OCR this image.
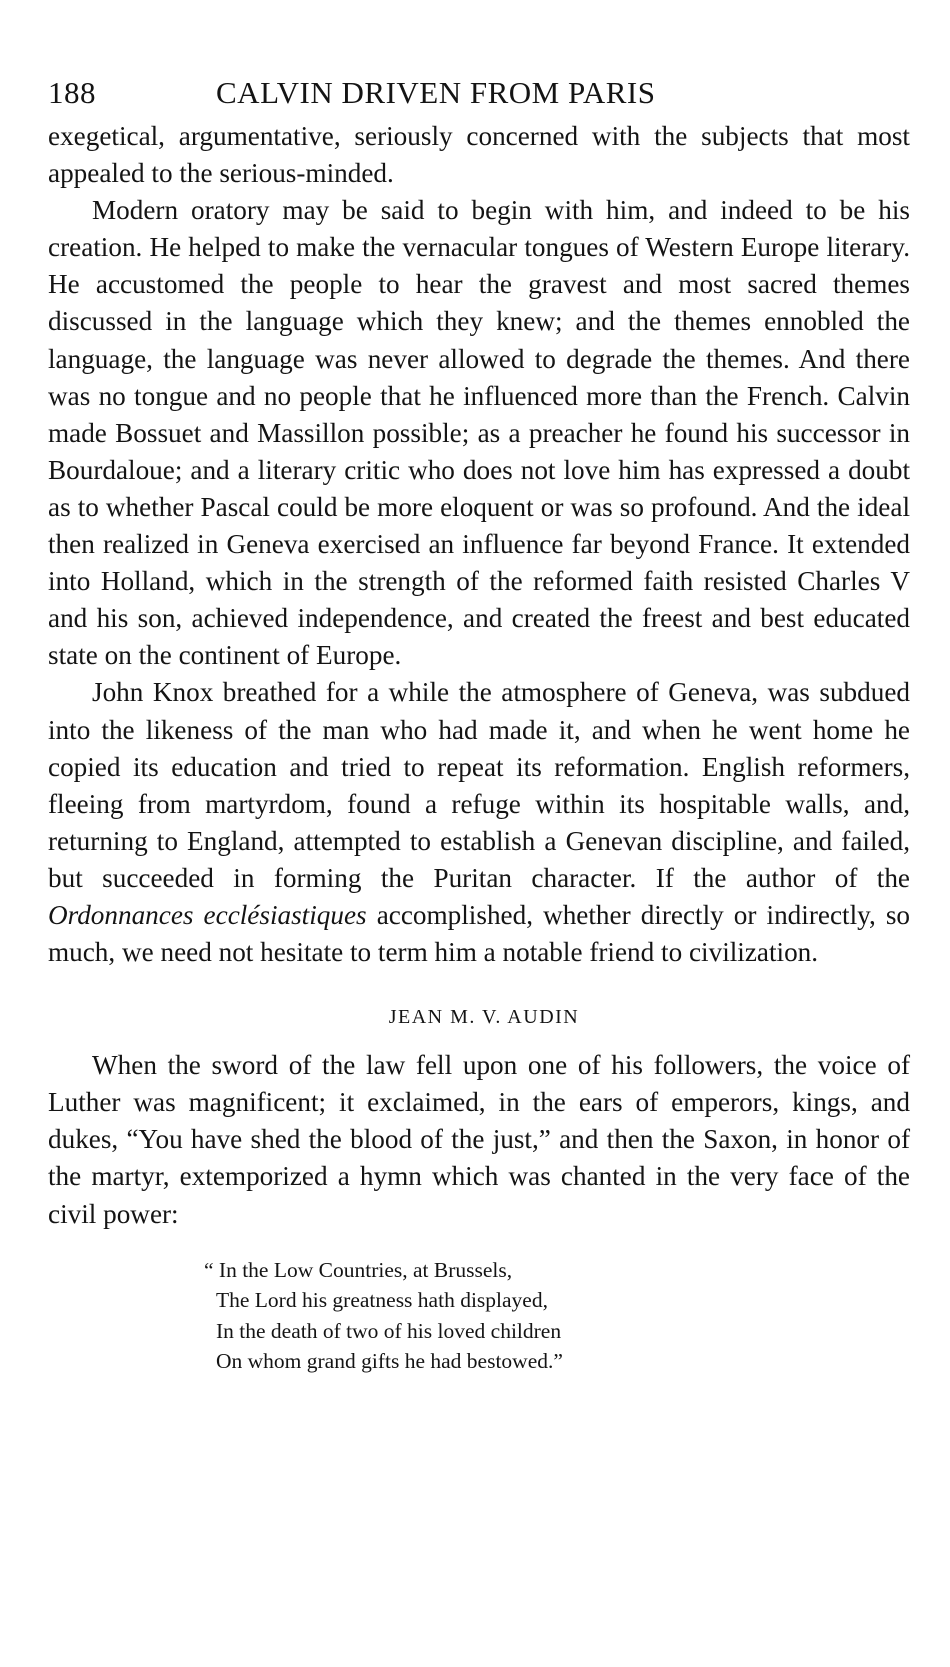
188	CALVIN DRIVEN FROM PARIS

exegetical, argumentative, seriously concerned with the subjects that most appealed to the serious-minded.

Modern oratory may be said to begin with him, and indeed to be his creation. He helped to make the vernacular tongues of Western Europe literary. He accustomed the people to hear the gravest and most sacred themes discussed in the language which they knew; and the themes ennobled the language, the language was never allowed to degrade the themes. And there was no tongue and no people that he influenced more than the French. Calvin made Bossuet and Massillon possible; as a preacher he found his successor in Bourdaloue; and a literary critic who does not love him has expressed a doubt as to whether Pascal could be more eloquent or was so profound. And the ideal then realized in Geneva exercised an influence far beyond France. It extended into Holland, which in the strength of the reformed faith resisted Charles V and his son, achieved independence, and created the freest and best educated state on the continent of Europe.

John Knox breathed for a while the atmosphere of Geneva, was subdued into the likeness of the man who had made it, and when he went home he copied its education and tried to repeat its reformation. English reformers, fleeing from martyrdom, found a refuge within its hospitable walls, and, returning to England, attempted to establish a Genevan discipline, and failed, but succeeded in forming the Puritan character. If the author of the Ordonnances ecclésiastiques accomplished, whether directly or indirectly, so much, we need not hesitate to term him a notable friend to civilization.

JEAN M. V. AUDIN

When the sword of the law fell upon one of his followers, the voice of Luther was magnificent; it exclaimed, in the ears of emperors, kings, and dukes, “You have shed the blood of the just,” and then the Saxon, in honor of the martyr, extemporized a hymn which was chanted in the very face of the civil power:

“ In the Low Countries, at Brussels,
The Lord his greatness hath displayed,
In the death of two of his loved children
On whom grand gifts he had bestowed.”
